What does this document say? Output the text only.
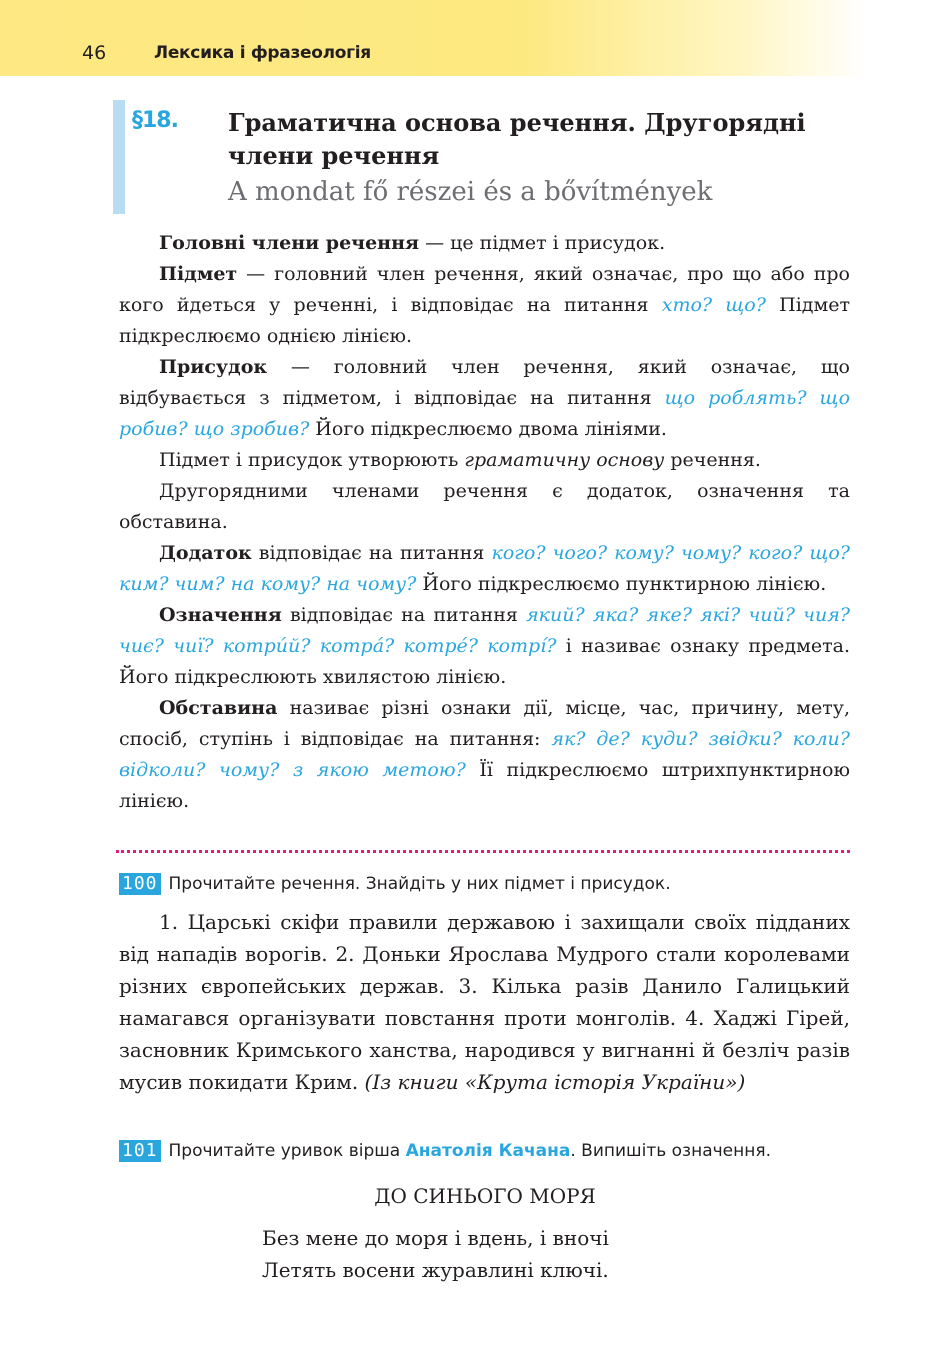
46	Лексика і фразеологія
§18. Граматична основа речення. Другорядні
члени речення
A mondat fő részei és a bővítmények

Головні члени речення — це підмет і присудок.

Підмет — головний член речення, який означає, про що або про кого йдеться у реченні, і відповідає на питання хто? що? Підмет підкреслюємо однією лінією.

Присудок — головний член речення, який означає, що відбувається з підметом, і відповідає на питання що роблять? що робив? що зробив? Його підкреслюємо двома лініями.

Підмет і присудок утворюють граматичну основу речення.

Другорядними членами речення є додаток, означення та обставина.

Додаток відповідає на питання кого? чого? кому? чому? кого? що? ким? чим? на кому? на чому? Його підкреслюємо пунктирною лінією.

Означення відповідає на питання який? яка? яке? які? чий? чия? чиє? чиї? котри́й? котра́? котре́? котрі́? і називає ознаку предмета. Його підкреслюють хвилястою лінією.

Обставина називає різні ознаки дії, місце, час, причину, мету, спосіб, ступінь і відповідає на питання: як? де? куди? звідки? коли? відколи? чому? з якою метою? Її підкреслюємо штрихпунктирною лінією.

100 Прочитайте речення. Знайдіть у них підмет і присудок.
1. Царські скіфи правили державою і захищали своїх підданих від нападів ворогів. 2. Доньки Ярослава Мудрого стали королевами різних європейських держав. 3. Кілька разів Данило Галицький намагався організувати повстання проти монголів. 4. Хаджі Гірей, засновник Кримського ханства, народився у вигнанні й безліч разів мусив покидати Крим. (Із книги «Крута історія України»)
101 Прочитайте уривок вірша Анатолія Качана. Випишіть означення.
ДО СИНЬОГО МОРЯ
Без мене до моря і вдень, і вночі
Летять восени журавлині ключі.
